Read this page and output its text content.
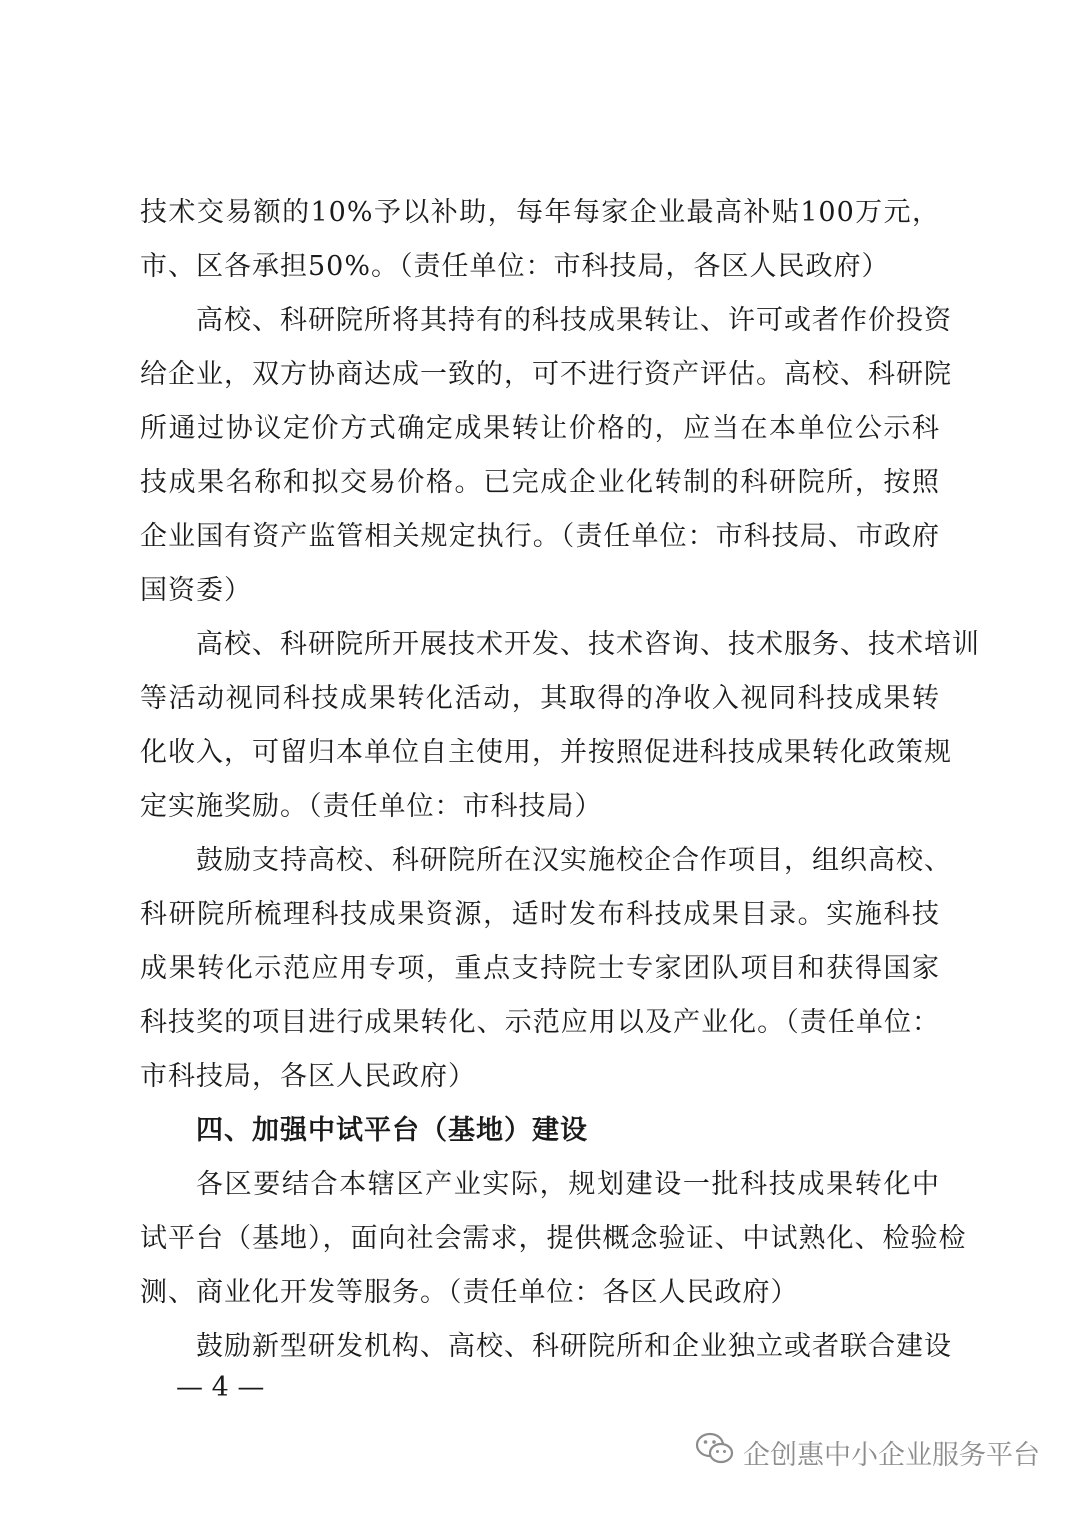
技术交易额的10%予以补助，每年每家企业最高补贴100万元，

市、区各承担50%。（责任单位：市科技局，各区人民政府）

高校、科研院所将其持有的科技成果转让、许可或者作价投资

给企业，双方协商达成一致的，可不进行资产评估。高校、科研院

所通过协议定价方式确定成果转让价格的，应当在本单位公示科

技成果名称和拟交易价格。已完成企业化转制的科研院所，按照

企业国有资产监管相关规定执行。（责任单位：市科技局、市政府

国资委）

高校、科研院所开展技术开发、技术咨询、技术服务、技术培训

等活动视同科技成果转化活动，其取得的净收入视同科技成果转

化收入，可留归本单位自主使用，并按照促进科技成果转化政策规

定实施奖励。（责任单位：市科技局）

鼓励支持高校、科研院所在汉实施校企合作项目，组织高校、

科研院所梳理科技成果资源，适时发布科技成果目录。实施科技

成果转化示范应用专项，重点支持院士专家团队项目和获得国家

科技奖的项目进行成果转化、示范应用以及产业化。（责任单位：

市科技局，各区人民政府）

四、加强中试平台（基地）建设

各区要结合本辖区产业实际，规划建设一批科技成果转化中

试平台（基地），面向社会需求，提供概念验证、中试熟化、检验检

测、商业化开发等服务。（责任单位：各区人民政府）

鼓励新型研发机构、高校、科研院所和企业独立或者联合建设

— 4 —
企创惠中小企业服务平台
